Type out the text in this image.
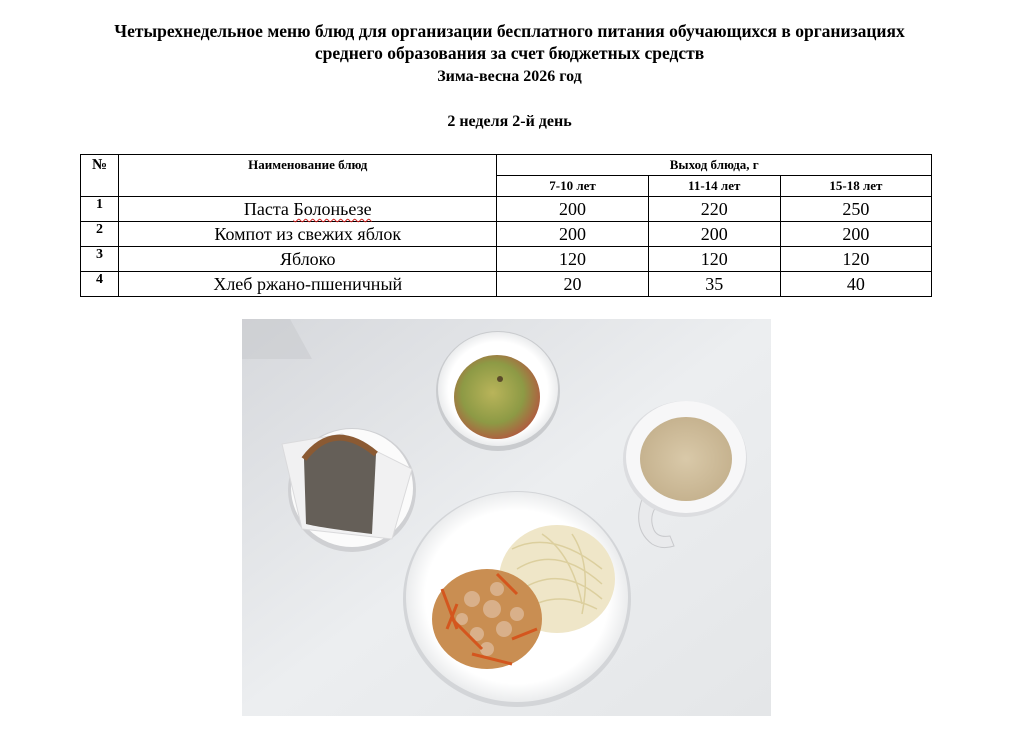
Четырехнедельное меню блюд для организации бесплатного питания обучающихся в организациях
среднего образования за счет бюджетных средств
Зима-весна 2026 год
2 неделя 2-й день
№	Наименование блюд	Выход блюда, г		
		7-10 лет	11-14 лет	15-18 лет
1	Паста Болоньезе	200	220	250
2	Компот из свежих яблок	200	200	200
3	Яблоко	120	120	120
4	Хлеб ржано-пшеничный	20	35	40
